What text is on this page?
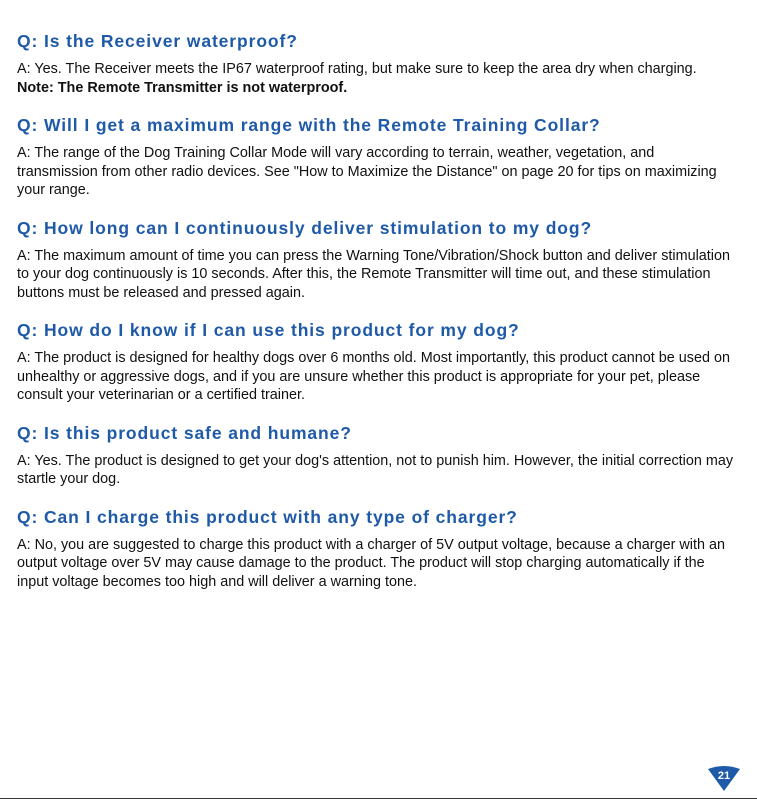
Q: Is the Receiver waterproof?

A: Yes. The Receiver meets the IP67 waterproof rating, but make sure to keep the area dry when charging.

Note: The Remote Transmitter is not waterproof.

Q: Will I get a maximum range with the Remote Training Collar?

A: The range of the Dog Training Collar Mode will vary according to terrain, weather, vegetation, and transmission from other radio devices. See "How to Maximize the Distance" on page 20 for tips on maximizing your range.

Q: How long can I continuously deliver stimulation to my dog?

A: The maximum amount of time you can press the Warning Tone/Vibration/Shock button and deliver stimulation to your dog continuously is 10 seconds. After this, the Remote Transmitter will time out, and these stimulation buttons must be released and pressed again.

Q: How do I know if I can use this product for my dog?

A: The product is designed for healthy dogs over 6 months old. Most importantly, this product cannot be used on unhealthy or aggressive dogs, and if you are unsure whether this product is appropriate for your pet, please consult your veterinarian or a certified trainer.

Q: Is this product safe and humane?

A: Yes. The product is designed to get your dog's attention, not to punish him. However, the initial correction may startle your dog.

Q: Can I charge this product with any type of charger?

A: No, you are suggested to charge this product with a charger of 5V output voltage, because a charger with an output voltage over 5V may cause damage to the product. The product will stop charging automatically if the input voltage becomes too high and will deliver a warning tone.

21
